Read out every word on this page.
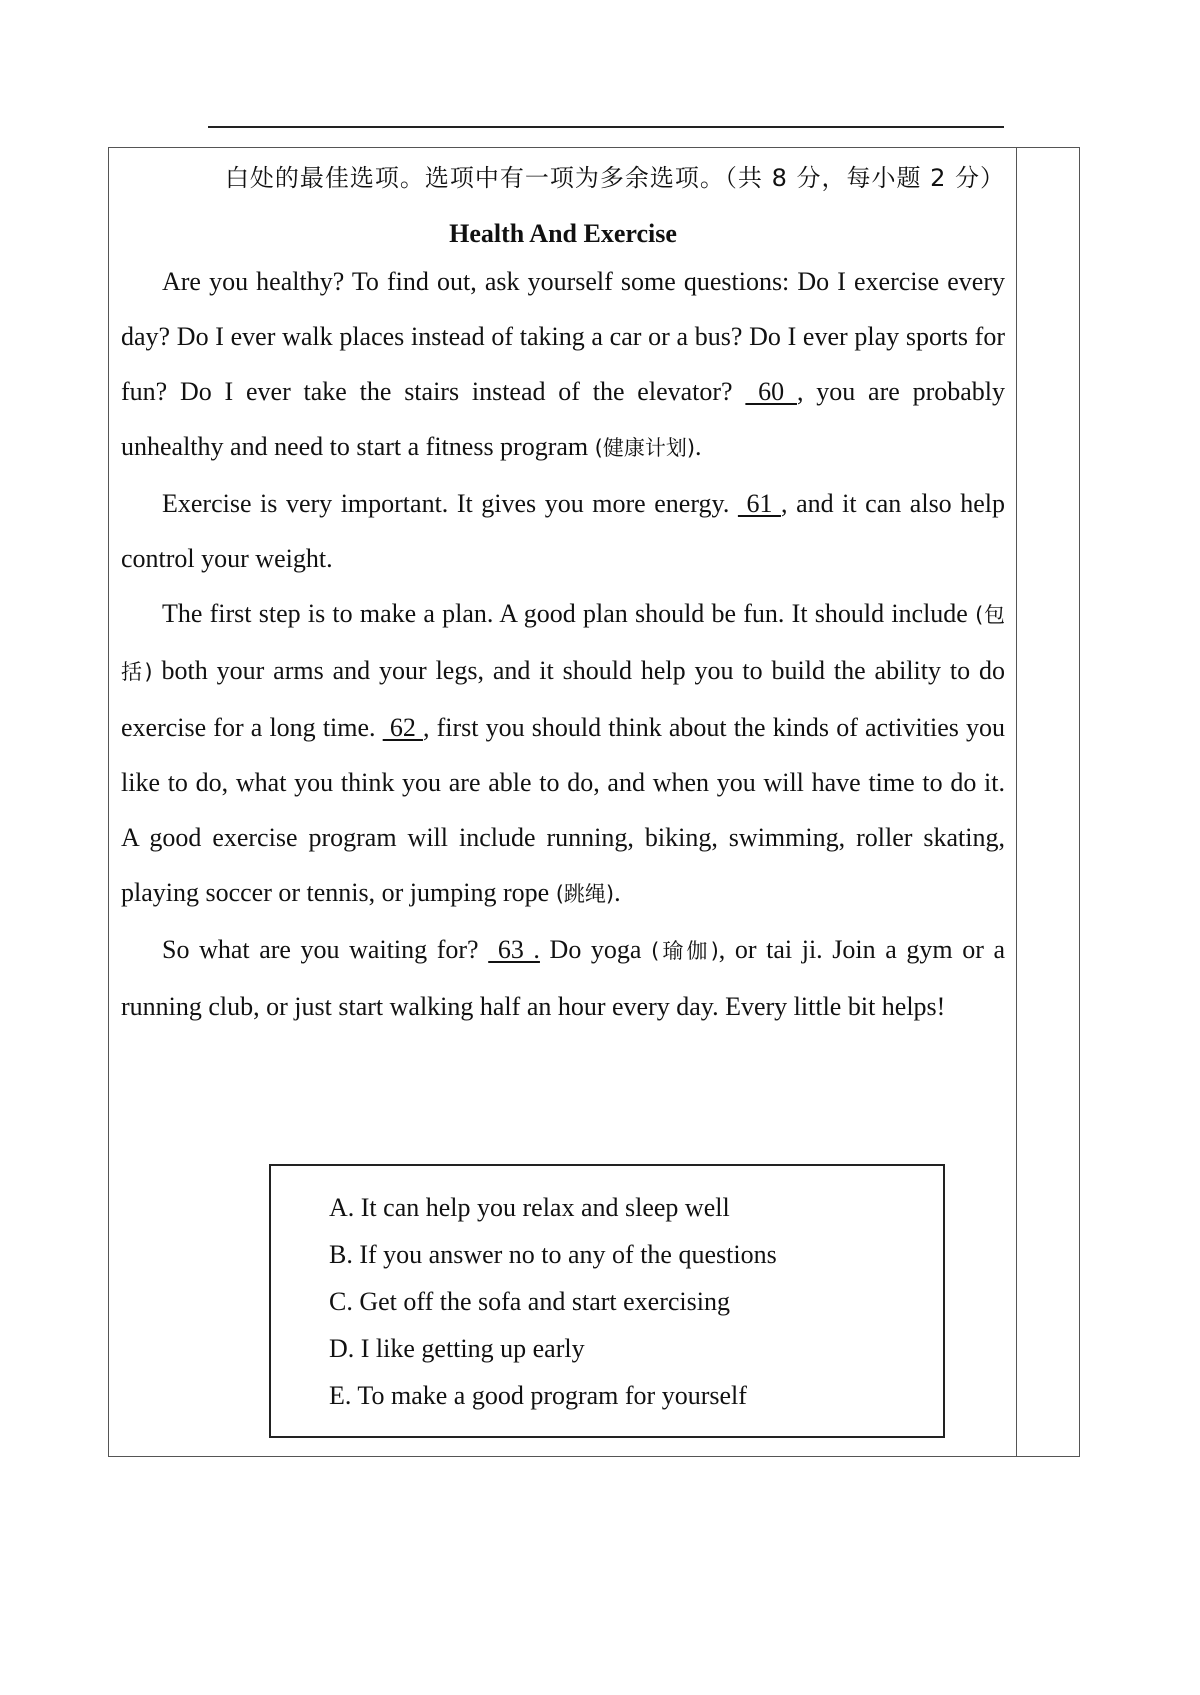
白处的最佳选项。选项中有一项为多余选项。（共 8 分，每小题 2 分）
Health And Exercise

Are you healthy? To find out, ask yourself some questions: Do I exercise every day? Do I ever walk places instead of taking a car or a bus? Do I ever play sports for fun? Do I ever take the stairs instead of the elevator?  60 , you are probably unhealthy and need to start a fitness program (健康计划).

Exercise is very important. It gives you more energy.  61 , and it can also help control your weight.

The first step is to make a plan. A good plan should be fun. It should include (包括) both your arms and your legs, and it should help you to build the ability to do exercise for a long time.  62 , first you should think about the kinds of activities you like to do, what you think you are able to do, and when you will have time to do it. A good exercise program will include running, biking, swimming, roller skating, playing soccer or tennis, or jumping rope (跳绳).

So what are you waiting for?  63 . Do yoga (瑜伽), or tai ji. Join a gym or a running club, or just start walking half an hour every day. Every little bit helps!

A. It can help you relax and sleep well
B. If you answer no to any of the questions
C. Get off the sofa and start exercising
D. I like getting up early
E. To make a good program for yourself
